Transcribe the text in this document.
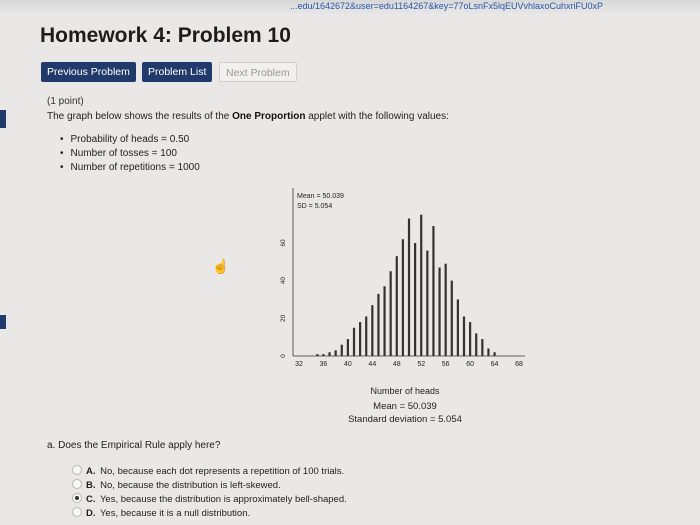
...edu/1642672&user=edu1164267&key=77oLsnFx5lqEUVvhlaxoCuhxriFU0xP
Homework 4: Problem 10
Previous Problem	Problem List	Next Problem
(1 point)
The graph below shows the results of the One Proportion applet with the following values:
• Probability of heads = 0.50
• Number of tosses = 100
• Number of repetitions = 1000
☝
0
20
40
60
32 36 40 44 48 52 56 60 64 68
Mean = 50.039
SD = 5.054
Number of heads
Mean = 50.039
Standard deviation = 5.054
a. Does the Empirical Rule apply here?
A. No, because each dot represents a repetition of 100 trials.
B. No, because the distribution is left-skewed.
C. Yes, because the distribution is approximately bell-shaped.
D. Yes, because it is a null distribution.
